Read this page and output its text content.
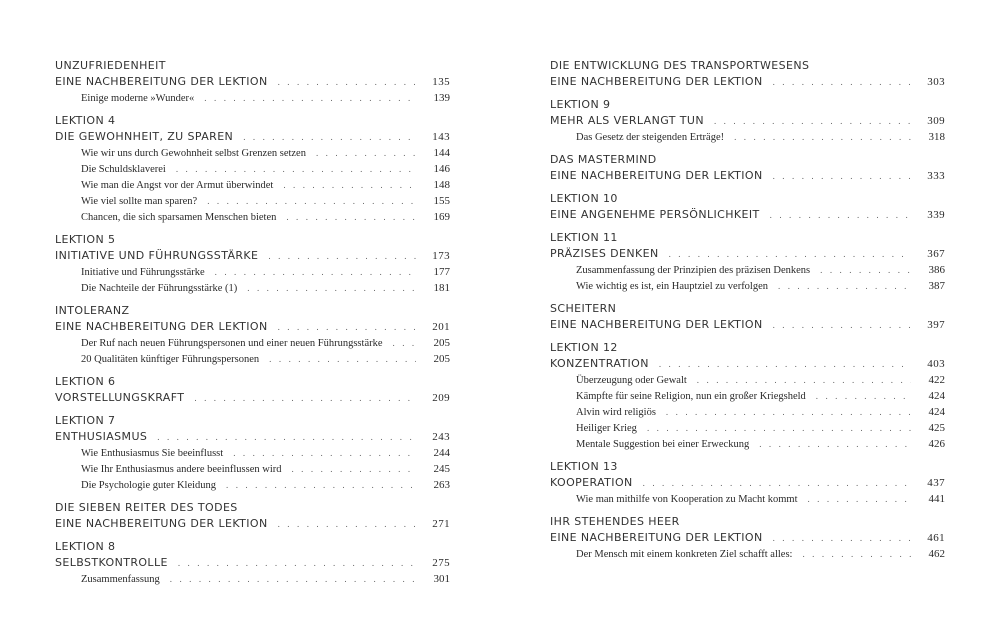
UNZUFRIEDENHEIT
EINE NACHBEREITUNG DER LEKTION . . .	135
Einige moderne »Wunder« . . .	139
LEKTION 4
DIE GEWOHNHEIT, ZU SPAREN . . .	143
Wie wir uns durch Gewohnheit selbst Grenzen setzen . . .	144
Die Schuldsklaverei . . .	146
Wie man die Angst vor der Armut überwindet . . .	148
Wie viel sollte man sparen? . . .	155
Chancen, die sich sparsamen Menschen bieten . . .	169
LEKTION 5
INITIATIVE UND FÜHRUNGSSTÄRKE . . .	173
Initiative und Führungsstärke . . .	177
Die Nachteile der Führungsstärke (1) . . .	181
INTOLERANZ
EINE NACHBEREITUNG DER LEKTION . . .	201
Der Ruf nach neuen Führungspersonen und einer neuen Führungsstärke . . .	205
20 Qualitäten künftiger Führungspersonen . . .	205
LEKTION 6
VORSTELLUNGSKRAFT . . .	209
LEKTION 7
ENTHUSIASMUS . . .	243
Wie Enthusiasmus Sie beeinflusst . . .	244
Wie Ihr Enthusiasmus andere beeinflussen wird . . .	245
Die Psychologie guter Kleidung . . .	263
DIE SIEBEN REITER DES TODES
EINE NACHBEREITUNG DER LEKTION . . .	271
LEKTION 8
SELBSTKONTROLLE . . .	275
Zusammenfassung . . .	301
DIE ENTWICKLUNG DES TRANSPORTWESENS
EINE NACHBEREITUNG DER LEKTION . . .	303
LEKTION 9
MEHR ALS VERLANGT TUN . . .	309
Das Gesetz der steigenden Erträge! . . .	318
DAS MASTERMIND
EINE NACHBEREITUNG DER LEKTION . . .	333
LEKTION 10
EINE ANGENEHME PERSÖNLICHKEIT . . .	339
LEKTION 11
PRÄZISES DENKEN . . .	367
Zusammenfassung der Prinzipien des präzisen Denkens . . .	386
Wie wichtig es ist, ein Hauptziel zu verfolgen . . .	387
SCHEITERN
EINE NACHBEREITUNG DER LEKTION . . .	397
LEKTION 12
KONZENTRATION . . .	403
Überzeugung oder Gewalt . . .	422
Kämpfte für seine Religion, nun ein großer Kriegsheld . . .	424
Alvin wird religiös . . .	424
Heiliger Krieg . . .	425
Mentale Suggestion bei einer Erweckung . . .	426
LEKTION 13
KOOPERATION . . .	437
Wie man mithilfe von Kooperation zu Macht kommt . . .	441
IHR STEHENDES HEER
EINE NACHBEREITUNG DER LEKTION . . .	461
Der Mensch mit einem konkreten Ziel schafft alles: . . .	462
